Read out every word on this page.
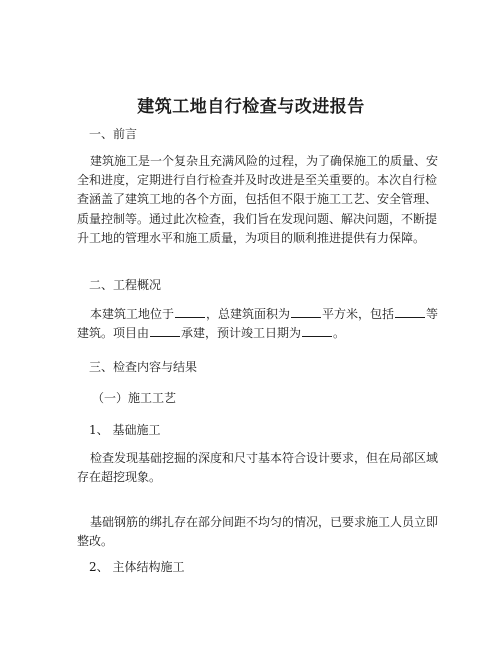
建筑工地自行检查与改进报告
一、前言
建筑施工是一个复杂且充满风险的过程，为了确保施工的质量、安
全和进度，定期进行自行检查并及时改进是至关重要的。本次自行检
查涵盖了建筑工地的各个方面，包括但不限于施工工艺、安全管理、
质量控制等。通过此次检查，我们旨在发现问题、解决问题，不断提
升工地的管理水平和施工质量，为项目的顺利推进提供有力保障。
二、工程概况
本建筑工地位于	，总建筑面积为	平方米，包括	等
建筑。项目由	承建，预计竣工日期为	。
三、检查内容与结果
（一）施工工艺
1、 基础施工
检查发现基础挖掘的深度和尺寸基本符合设计要求，但在局部区域
存在超挖现象。
基础钢筋的绑扎存在部分间距不均匀的情况，已要求施工人员立即
整改。
2、 主体结构施工
